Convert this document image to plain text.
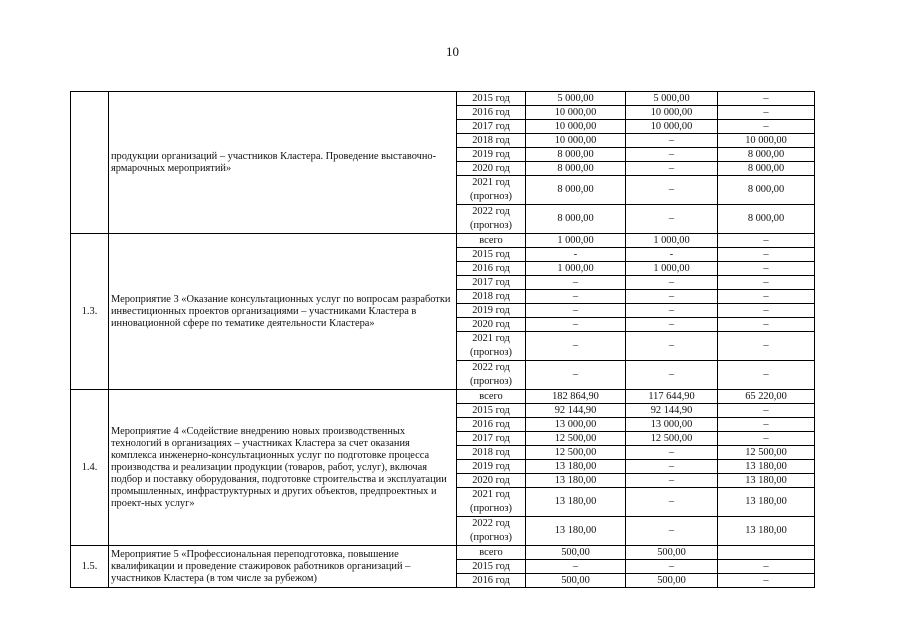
10
	продукции организаций – участников Кластера. Проведение выставочно-ярмарочных мероприятий»	2015 год	5 000,00	5 000,00	–
		2016 год	10 000,00	10 000,00	–
		2017 год	10 000,00	10 000,00	–
		2018 год	10 000,00	–	10 000,00
		2019 год	8 000,00	–	8 000,00
		2020 год	8 000,00	–	8 000,00
		2021 год (прогноз)	8 000,00	–	8 000,00
		2022 год (прогноз)	8 000,00	–	8 000,00
1.3.	Мероприятие 3 «Оказание консультационных услуг по вопросам разработки инвестиционных проектов организациями – участниками Кластера в инновационной сфере по тематике деятельности Кластера»	всего	1 000,00	1 000,00	–
		2015 год	-	-	–
		2016 год	1 000,00	1 000,00	–
		2017 год	–	–	–
		2018 год	–	–	–
		2019 год	–	–	–
		2020 год	–	–	–
		2021 год (прогноз)	–	–	–
		2022 год (прогноз)	–	–	–
1.4.	Мероприятие 4 «Содействие внедрению новых производственных технологий в организациях – участниках Кластера за счет оказания комплекса инженерно-консультационных услуг по подготовке процесса производства и реализации продукции (товаров, работ, услуг), включая подбор и поставку оборудования, подготовке строительства и эксплуатации промышленных, инфраструктурных и других объектов, предпроектных и проект-ных услуг»	всего	182 864,90	117 644,90	65 220,00
		2015 год	92 144,90	92 144,90	–
		2016 год	13 000,00	13 000,00	–
		2017 год	12 500,00	12 500,00	–
		2018 год	12 500,00	–	12 500,00
		2019 год	13 180,00	–	13 180,00
		2020 год	13 180,00	–	13 180,00
		2021 год (прогноз)	13 180,00	–	13 180,00
		2022 год (прогноз)	13 180,00	–	13 180,00
1.5.	Мероприятие 5 «Профессиональная переподготовка, повышение квалификации и проведение стажировок работников организаций – участников Кластера (в том числе за рубежом)	всего	500,00	500,00	
		2015 год	–	–	–
		2016 год	500,00	500,00	–
